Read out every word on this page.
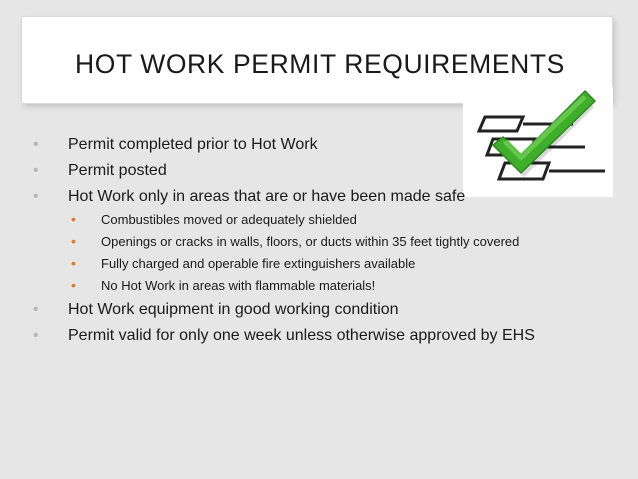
HOT WORK PERMIT REQUIREMENTS
• Permit completed prior to Hot Work
• Permit posted
• Hot Work only in areas that are or have been made safe
• Combustibles moved or adequately shielded
• Openings or cracks in walls, floors, or ducts within 35 feet tightly covered
• Fully charged and operable fire extinguishers available
• No Hot Work in areas with flammable materials!
• Hot Work equipment in good working condition
• Permit valid for only one week unless otherwise approved by EHS
